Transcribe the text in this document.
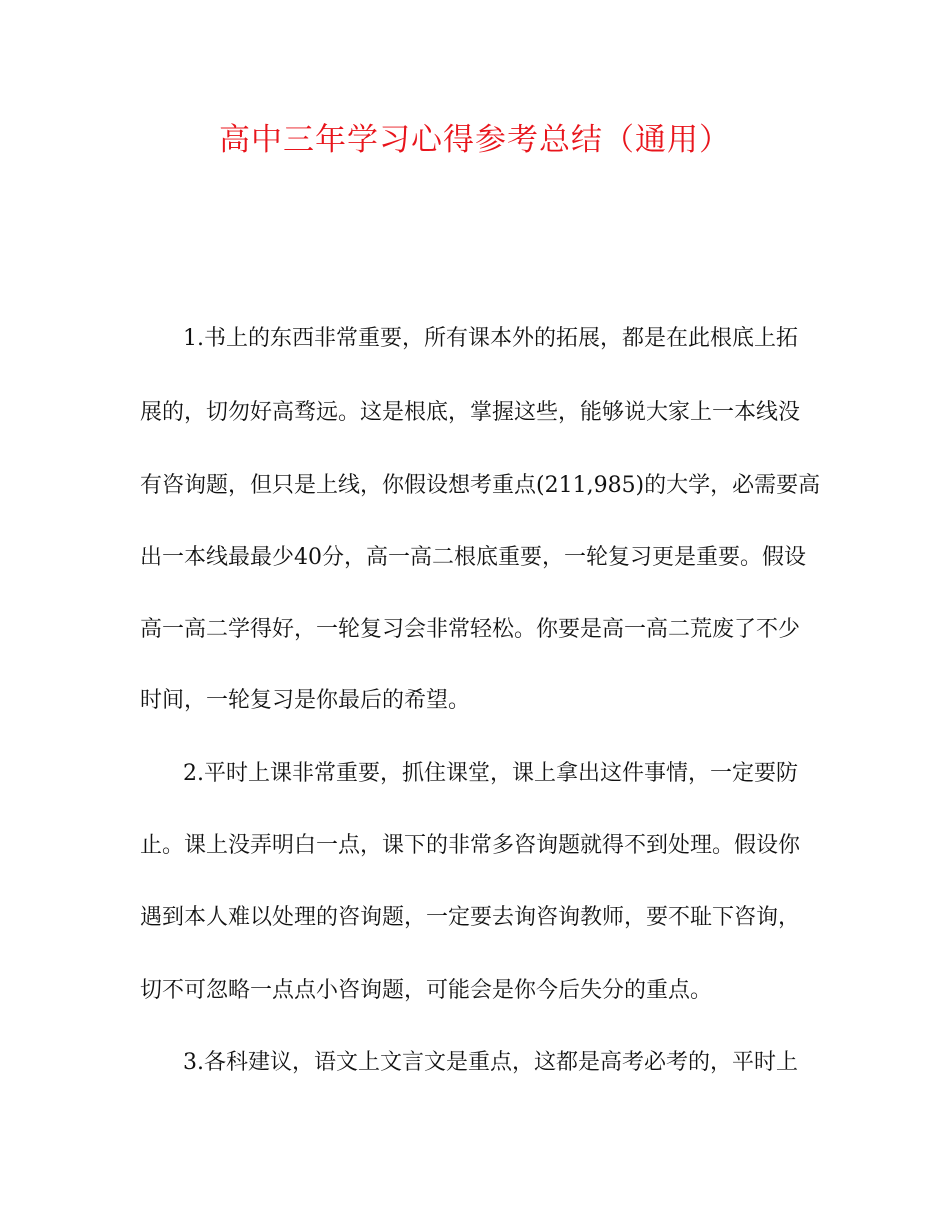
高中三年学习心得参考总结（通用）
1.书上的东西非常重要，所有课本外的拓展，都是在此根底上拓
展的，切勿好高骛远。这是根底，掌握这些，能够说大家上一本线没
有咨询题，但只是上线，你假设想考重点(211,985)的大学，必需要高
出一本线最最少40分，高一高二根底重要，一轮复习更是重要。假设
高一高二学得好，一轮复习会非常轻松。你要是高一高二荒废了不少
时间，一轮复习是你最后的希望。
2.平时上课非常重要，抓住课堂，课上拿出这件事情，一定要防
止。课上没弄明白一点，课下的非常多咨询题就得不到处理。假设你
遇到本人难以处理的咨询题，一定要去询咨询教师，要不耻下咨询，
切不可忽略一点点小咨询题，可能会是你今后失分的重点。
3.各科建议，语文上文言文是重点，这都是高考必考的，平时上
